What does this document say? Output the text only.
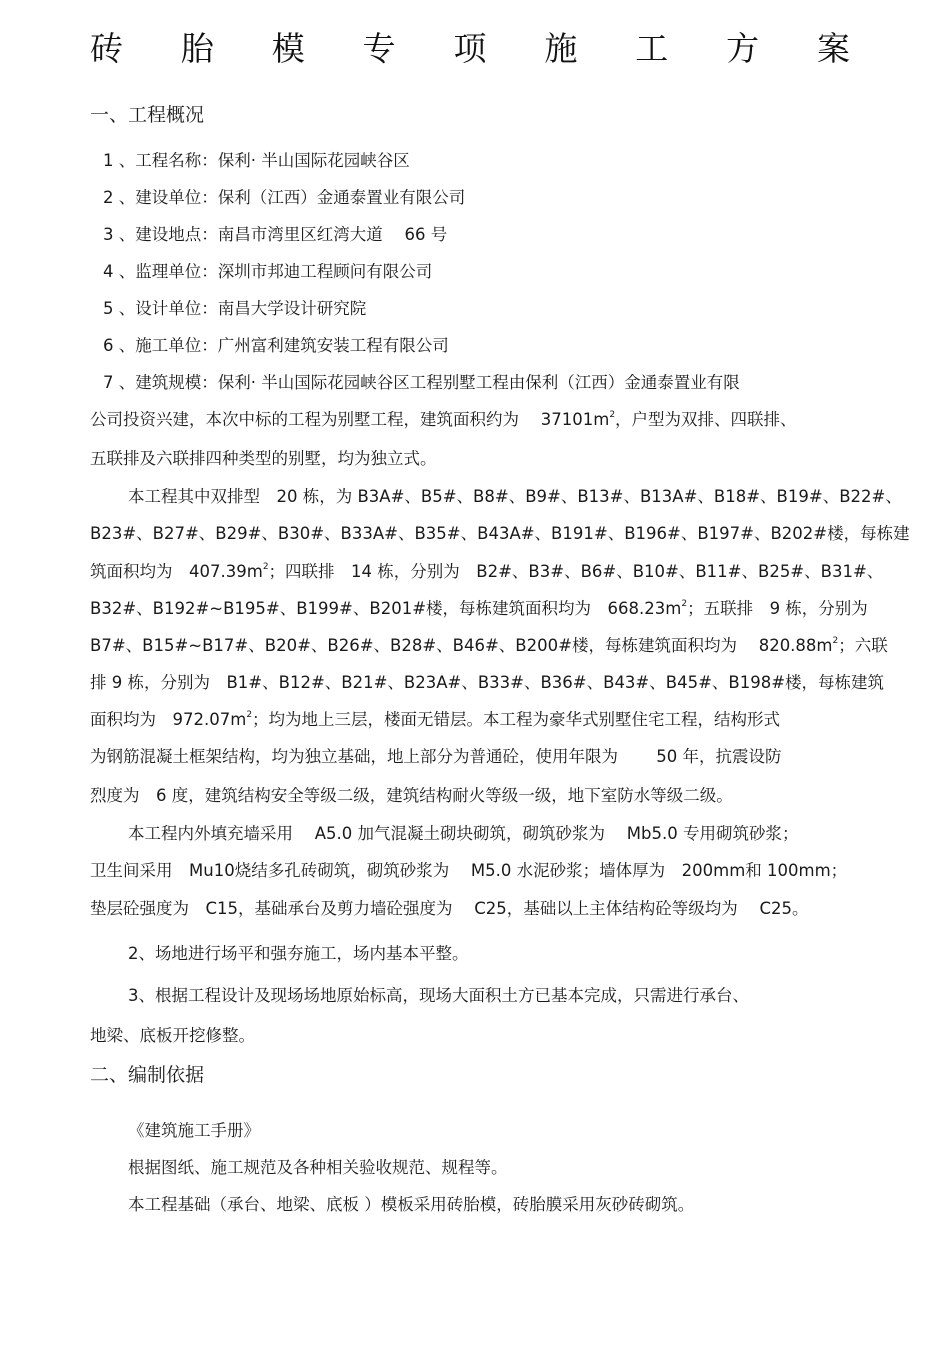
砖 胎 模 专 项 施 工 方 案
一、工程概况
1 、工程名称：保利· 半山国际花园峡谷区
2 、建设单位：保利（江西）金通泰置业有限公司
3 、建设地点：南昌市湾里区红湾大道　 66 号
4 、监理单位：深圳市邦迪工程顾问有限公司
5 、设计单位：南昌大学设计研究院
6 、施工单位：广州富利建筑安装工程有限公司
7 、建筑规模：保利· 半山国际花园峡谷区工程别墅工程由保利（江西）金通泰置业有限
公司投资兴建，本次中标的工程为别墅工程，建筑面积约为　 $37101m^2$，户型为双排、四联排、
五联排及六联排四种类型的别墅，均为独立式。
本工程其中双排型　20 栋，为 B3A#、B5#、B8#、B9#、B13#、B13A#、B18#、B19#、B22#、
B23#、B27#、B29#、B30#、B33A#、B35#、B43A#、B191#、B196#、B197#、B202#楼，每栋建
筑面积均为　$407.39m^2$；四联排　14 栋，分别为　B2#、B3#、B6#、B10#、B11#、B25#、B31#、
B32#、B192#~B195#、B199#、B201#楼，每栋建筑面积均为　$668.23m^2$；五联排　9 栋，分别为
B7#、B15#~B17#、B20#、B26#、B28#、B46#、B200#楼，每栋建筑面积均为　 $820.88m^2$；六联
排 9 栋，分别为　B1#、B12#、B21#、B23A#、B33#、B36#、B43#、B45#、B198#楼，每栋建筑
面积均为　$972.07m^2$；均为地上三层，楼面无错层。本工程为豪华式别墅住宅工程，结构形式
为钢筋混凝土框架结构，均为独立基础，地上部分为普通砼，使用年限为　　 50 年，抗震设防
烈度为　6 度，建筑结构安全等级二级，建筑结构耐火等级一级，地下室防水等级二级。
本工程内外填充墙采用　 A5.0 加气混凝土砌块砌筑，砌筑砂浆为　 Mb5.0 专用砌筑砂浆；
卫生间采用　Mu10烧结多孔砖砌筑，砌筑砂浆为　 M5.0 水泥砂浆；墙体厚为　200mm和 100mm；
垫层砼强度为　C15，基础承台及剪力墙砼强度为　 C25，基础以上主体结构砼等级均为　 C25。
2、场地进行场平和强夯施工，场内基本平整。
3、根据工程设计及现场场地原始标高，现场大面积土方已基本完成，只需进行承台、
地梁、底板开挖修整。
二、编制依据
《建筑施工手册》
根据图纸、施工规范及各种相关验收规范、规程等。
本工程基础（承台、地梁、底板 ）模板采用砖胎模，砖胎膜采用灰砂砖砌筑。
